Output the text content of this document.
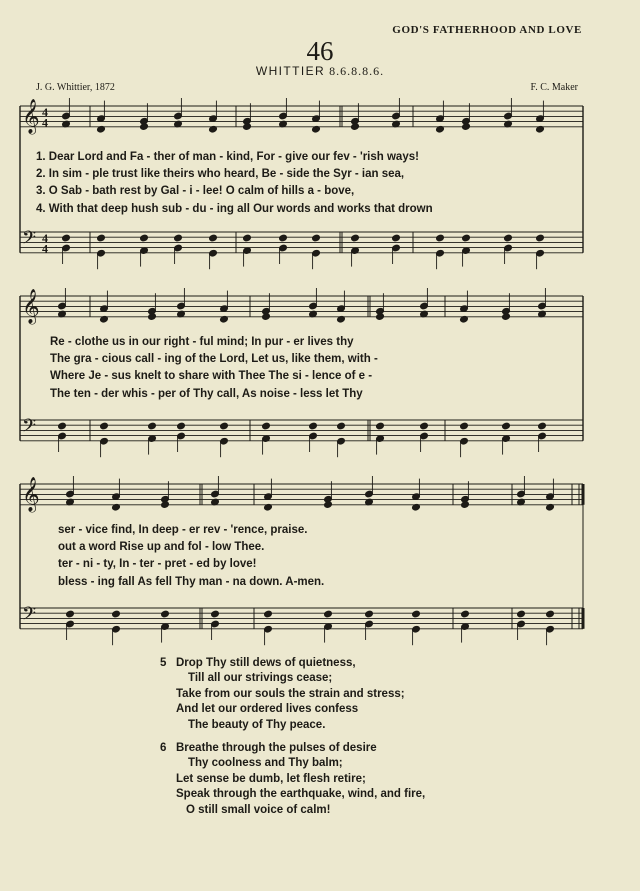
GOD'S FATHERHOOD AND LOVE
46
WHITTIER 8.6.8.8.6.
J. G. Whittier, 1872	F. C. Maker
𝄞
𝄢
4
4
4
4
𝄞
𝄢
𝄞
𝄢
1. Dear Lord and Fa - ther of man - kind, For - give our fev - 'rish ways!
2. In sim - ple trust like theirs who heard, Be - side the Syr - ian sea,
3. O Sab - bath rest by Gal - i - lee! O calm of hills a - bove,
4. With that deep hush sub - du - ing all Our words and works that drown
Re - clothe us in our right - ful mind; In pur - er lives thy
The gra - cious call - ing of the Lord, Let us, like them, with -
Where Je - sus knelt to share with Thee The si - lence of e -
The ten - der whis - per of Thy call, As noise - less let Thy
ser - vice find, In deep - er rev - 'rence, praise.
out a word Rise up and fol - low Thee.
ter - ni - ty, In - ter - pret - ed by love!
bless - ing fall As fell Thy man - na down. A-men.
5 Drop Thy still dews of quietness,
Till all our strivings cease;
Take from our souls the strain and stress;
And let our ordered lives confess
The beauty of Thy peace.
6 Breathe through the pulses of desire
Thy coolness and Thy balm;
Let sense be dumb, let flesh retire;
Speak through the earthquake, wind, and fire,
O still small voice of calm!
